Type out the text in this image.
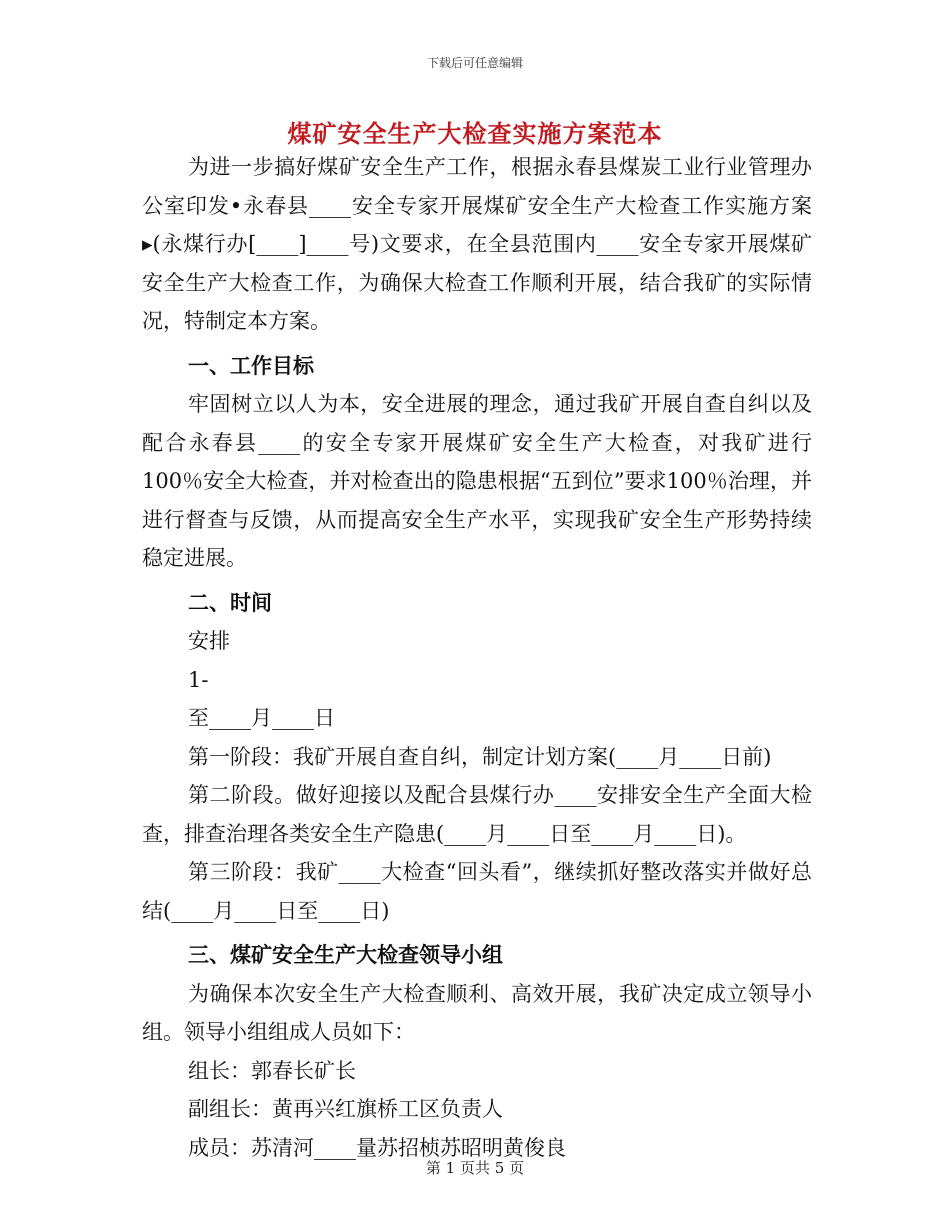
下载后可任意编辑
煤矿安全生产大检查实施方案范本

为进一步搞好煤矿安全生产工作，根据永春县煤炭工业行业管理办公室印发•永春县____安全专家开展煤矿安全生产大检查工作实施方案▸(永煤行办[____]____号)文要求，在全县范围内____安全专家开展煤矿安全生产大检查工作，为确保大检查工作顺利开展，结合我矿的实际情况，特制定本方案。

一、工作目标

牢固树立以人为本，安全进展的理念，通过我矿开展自查自纠以及配合永春县____的安全专家开展煤矿安全生产大检查，对我矿进行100％安全大检查，并对检查出的隐患根据“五到位”要求100％治理，并进行督查与反馈，从而提高安全生产水平，实现我矿安全生产形势持续稳定进展。

二、时间

安排

1-

至____月____日

第一阶段：我矿开展自查自纠，制定计划方案(____月____日前)

第二阶段。做好迎接以及配合县煤行办____安排安全生产全面大检查，排查治理各类安全生产隐患(____月____日至____月____日)。

第三阶段：我矿____大检查“回头看”，继续抓好整改落实并做好总结(____月____日至____日)

三、煤矿安全生产大检查领导小组

为确保本次安全生产大检查顺利、高效开展，我矿决定成立领导小组。领导小组组成人员如下：

组长：郭春长矿长

副组长：黄再兴红旗桥工区负责人

成员：苏清河____量苏招桢苏昭明黄俊良

第 1 页共 5 页
